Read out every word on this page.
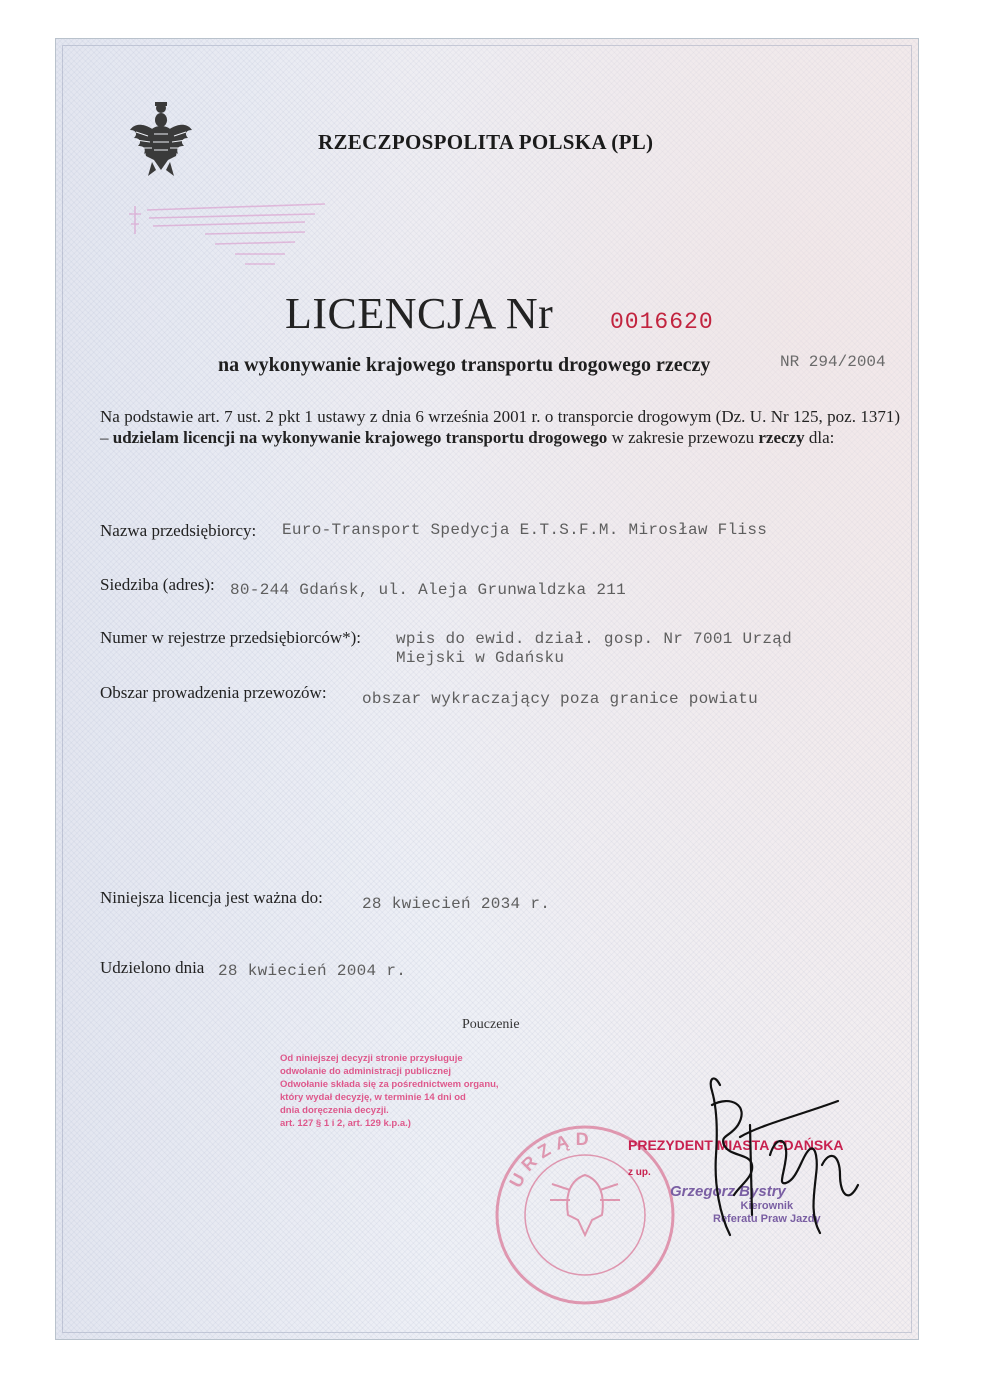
RZECZPOSPOLITA POLSKA (PL)
LICENCJA Nr 0016620
na wykonywanie krajowego transportu drogowego rzeczy	NR 294/2004
Na podstawie art. 7 ust. 2 pkt 1 ustawy z dnia 6 września 2001 r. o transporcie drogowym (Dz. U. Nr 125, poz. 1371) – udzielam licencji na wykonywanie krajowego transportu drogowego w zakresie przewozu rzeczy dla:
Nazwa przedsiębiorcy: Euro-Transport Spedycja E.T.S.F.M. Mirosław Fliss
Siedziba (adres): 80-244 Gdańsk, ul. Aleja Grunwaldzka 211
Numer w rejestrze przedsiębiorców*): wpis do ewid. dział. gosp. Nr 7001 Urząd
Miejski w Gdańsku
Obszar prowadzenia przewozów: obszar wykraczający poza granice powiatu
Niniejsza licencja jest ważna do: 28 kwiecień 2034 r.
Udzielono dnia 28 kwiecień 2004 r.
Pouczenie
Od niniejszej decyzji stronie przysługuje
odwołanie do administracji publicznej
Odwołanie składa się za pośrednictwem organu,
który wydał decyzję, w terminie 14 dni od
dnia doręczenia decyzji.
art. 127 § 1 i 2, art. 129 k.p.a.)
URZĄD PREZYDENT MIASTA GDAŃSKA
z up.
Grzegorz Bystry
Kierownik
Referatu Praw Jazdy
